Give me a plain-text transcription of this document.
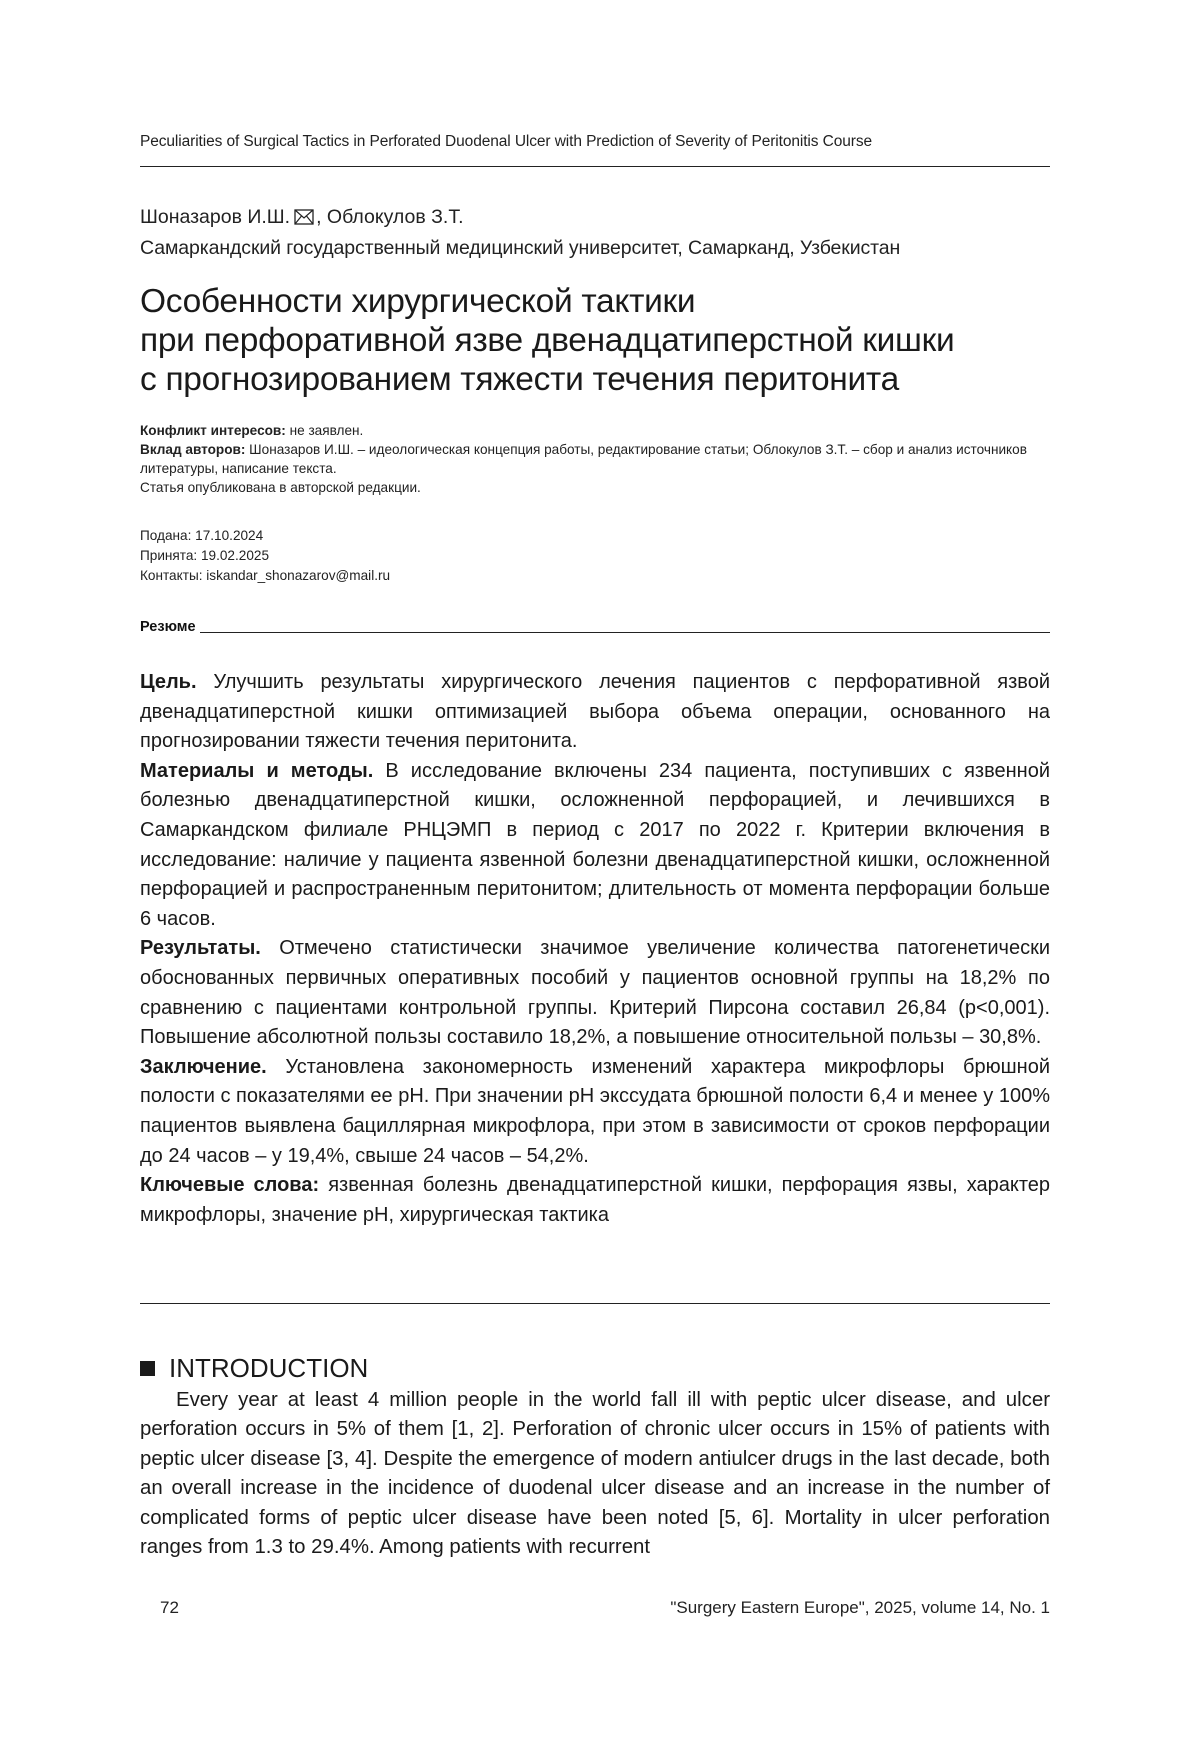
Peculiarities of Surgical Tactics in Perforated Duodenal Ulcer with Prediction of Severity of Peritonitis Course
Шоназаров И.Ш. , Облокулов З.Т.
Самаркандский государственный медицинский университет, Самарканд, Узбекистан
Особенности хирургической тактики
при перфоративной язве двенадцатиперстной кишки
с прогнозированием тяжести течения перитонита
Конфликт интересов: не заявлен.
Вклад авторов: Шоназаров И.Ш. – идеологическая концепция работы, редактирование статьи; Облокулов З.Т. – сбор и анализ источников литературы, написание текста.
Статья опубликована в авторской редакции.
Подана: 17.10.2024
Принята: 19.02.2025
Контакты: iskandar_shonazarov@mail.ru
Резюме

Цель. Улучшить результаты хирургического лечения пациентов с перфоративной язвой двенадцатиперстной кишки оптимизацией выбора объема операции, основанного на прогнозировании тяжести течения перитонита.

Материалы и методы. В исследование включены 234 пациента, поступивших с язвенной болезнью двенадцатиперстной кишки, осложненной перфорацией, и лечившихся в Самаркандском филиале РНЦЭМП в период с 2017 по 2022 г. Критерии включения в исследование: наличие у пациента язвенной болезни двенадцатиперстной кишки, осложненной перфорацией и распространенным перитонитом; длительность от момента перфорации больше 6 часов.

Результаты. Отмечено статистически значимое увеличение количества патогенетически обоснованных первичных оперативных пособий у пациентов основной группы на 18,2% по сравнению с пациентами контрольной группы. Критерий Пирсона составил 26,84 (p<0,001). Повышение абсолютной пользы составило 18,2%, а повышение относительной пользы – 30,8%.

Заключение. Установлена закономерность изменений характера микрофлоры брюшной полости с показателями ее pH. При значении pH экссудата брюшной полости 6,4 и менее у 100% пациентов выявлена бациллярная микрофлора, при этом в зависимости от сроков перфорации до 24 часов – у 19,4%, свыше 24 часов – 54,2%.

Ключевые слова: язвенная болезнь двенадцатиперстной кишки, перфорация язвы, характер микрофлоры, значение pH, хирургическая тактика

INTRODUCTION

Every year at least 4 million people in the world fall ill with peptic ulcer disease, and ulcer perforation occurs in 5% of them [1, 2]. Perforation of chronic ulcer occurs in 15% of patients with peptic ulcer disease [3, 4]. Despite the emergence of modern antiulcer drugs in the last decade, both an overall increase in the incidence of duodenal ulcer disease and an increase in the number of complicated forms of peptic ulcer disease have been noted [5, 6]. Mortality in ulcer perforation ranges from 1.3 to 29.4%. Among patients with recurrent

72	"Surgery Eastern Europe", 2025, volume 14, No. 1
